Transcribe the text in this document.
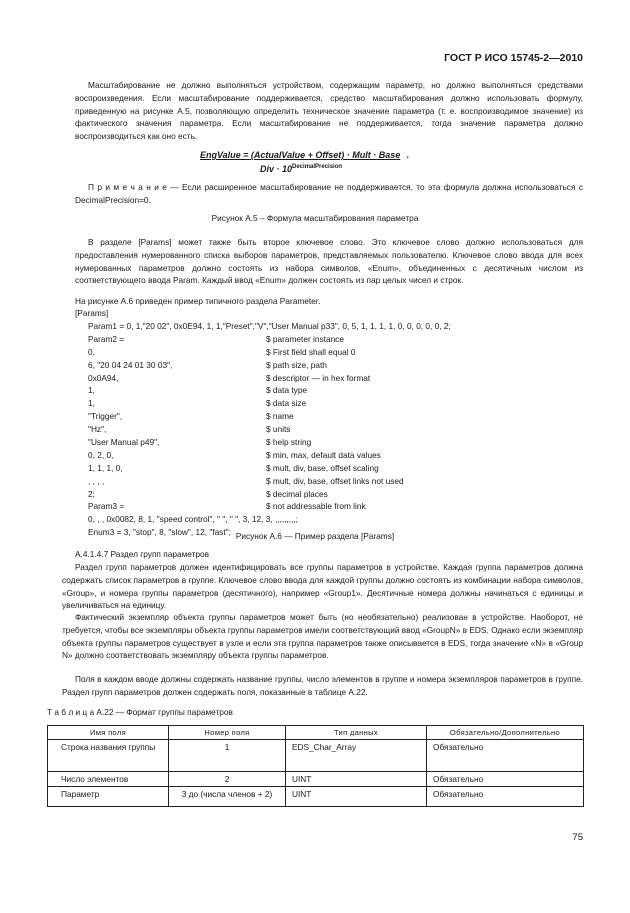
ГОСТ Р ИСО 15745-2—2010
Масштабирование не должно выполняться устройством, содержащим параметр, но должно выполняться средствами воспроизведения. Если масштабирование поддерживается, средство масштабирования должно использовать формулу, приведенную на рисунке А.5, позволяющую определить техническое значение параметра (т. е. воспроизводимое значение) из фактического значения параметра. Если масштабирование не поддерживается, тогда значение параметра должно воспроизводиться как оно есть.
EngValue = (ActualValue + Offset) · Mult · Base .
Div · $10^{DecimalPrecision}$
П р и м е ч а н и е — Если расширенное масштабирование не поддерживается, то эта формула должна использоваться с DecimalPrecision=0.
Рисунок А.5 – Формула масштабирования параметра
В разделе [Params] может также быть второе ключевое слово. Это ключевое слово должно использоваться для предоставления нумерованного списка выборов параметров, представляемых пользователю. Ключевое слово ввода для всех нумерованных параметров должно состоять из набора символов, «Enum», объединенных с десятичным числом из соответствующего ввода Param. Каждый ввод «Enum» должен состоять из пар целых чисел и строк.
На рисунке А.6 приведен пример типичного раздела Parameter.
[Params]
Param1 = 0, 1,"20 02", 0x0E94, 1, 1,"Preset","V","User Manual p33", 0, 5, 1, 1, 1, 1, 0, 0, 0, 0, 0, 2;
Param2 =	$ parameter instance
0,	$ First field shall equal 0
6, "20 04 24 01 30 03",	$ path size, path
0x0A94,	$ descriptor — in hex format
1,	$ data type
1,	$ data size
"Trigger",	$ name
"Hz",	$ units
"User Manual p49",	$ help string
0, 2, 0,	$ min, max, default data values
1, 1, 1, 0,	$ mult, div, base, offset scaling
, , , ,	$ mult, div, base, offset links not used
2;	$ decimal places
Param3 =	$ not addressable from link
0, , , 0x0082, 8, 1, "speed control", " ", " ", 3, 12, 3, ,,,,,,,,,;
Enum3 = 3, "stop", 8, "slow", 12, "fast"; Рисунок А.6 — Пример раздела [Params]
А.4.1.4.7 Раздел групп параметров
Раздел групп параметров должен идентифицировать все группы параметров в устройстве. Каждая группа параметров должна содержать список параметров в группе. Ключевое слово ввода для каждой группы должно состоять из комбинации набора символов, «Group», и номера группы параметров (десятичного), например «Group1». Десятичные номера должны начинаться с единицы и увеличиваться на единицу.
Фактический экземпляр объекта группы параметров может быть (но необязательно) реализован в устройстве. Наоборот, не требуется, чтобы все экземпляры объекта группы параметров имели соответствующий ввод «GroupN» в EDS. Однако если экземпляр объекта группы параметров существует в узле и если эта группа параметров также описывается в EDS, тогда значение «N» в «Group N» должно соответствовать экземпляру объекта группы параметров.
Поля в каждом вводе должны содержать название группы, число элементов в группе и номера экземпляров параметров в группе. Раздел групп параметров должен содержать поля, показанные в таблице А.22.
Т а б л и ц а А.22 — Формат группы параметров
Имя поля	Номер поля	Тип данных	Обязательно/Дополнительно

Строка названия группы	1	EDS_Char_Array	Обязательно
Число элементов	2	UINT	Обязательно
Параметр	3 до (числа членов + 2)	UINT	Обязательно
75
